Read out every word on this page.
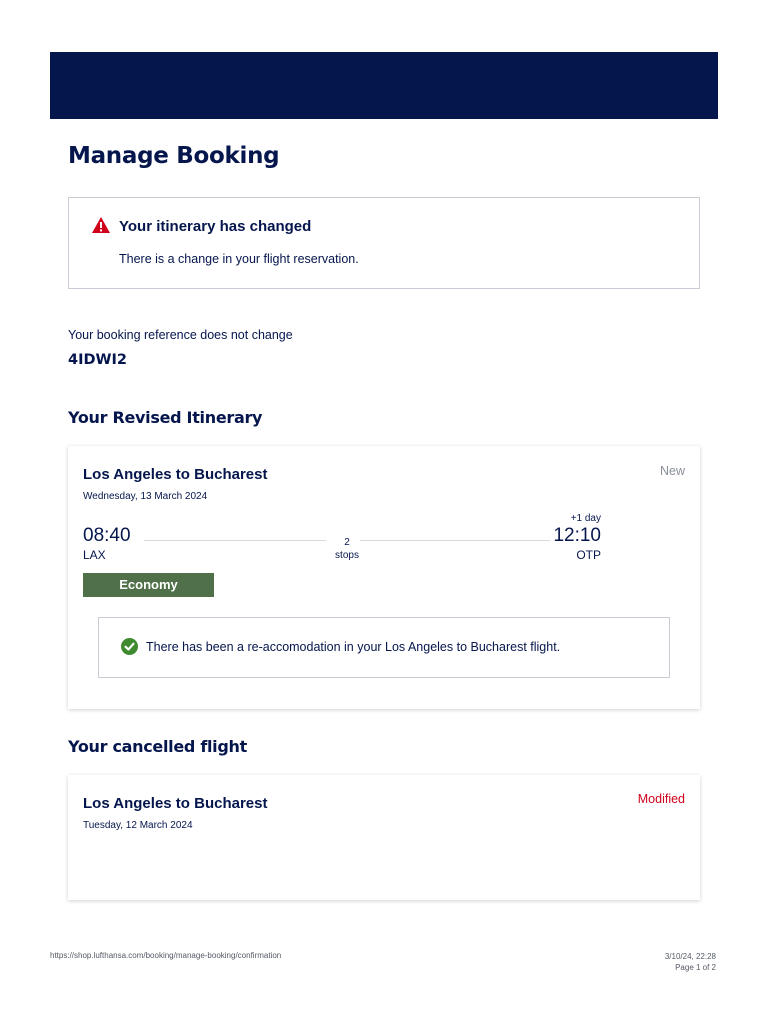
Manage Booking
Your itinerary has changed
There is a change in your flight reservation.
Your booking reference does not change
4IDWI2
Your Revised Itinerary
Los Angeles to Bucharest
Wednesday, 13 March 2024
New
08:40
LAX
2
stops
+1 day
12:10
OTP
Economy
There has been a re-accomodation in your Los Angeles to Bucharest flight.
Your cancelled flight
Los Angeles to Bucharest
Tuesday, 12 March 2024
Modified
https://shop.lufthansa.com/booking/manage-booking/confirmation	3/10/24, 22:28
Page 1 of 2
